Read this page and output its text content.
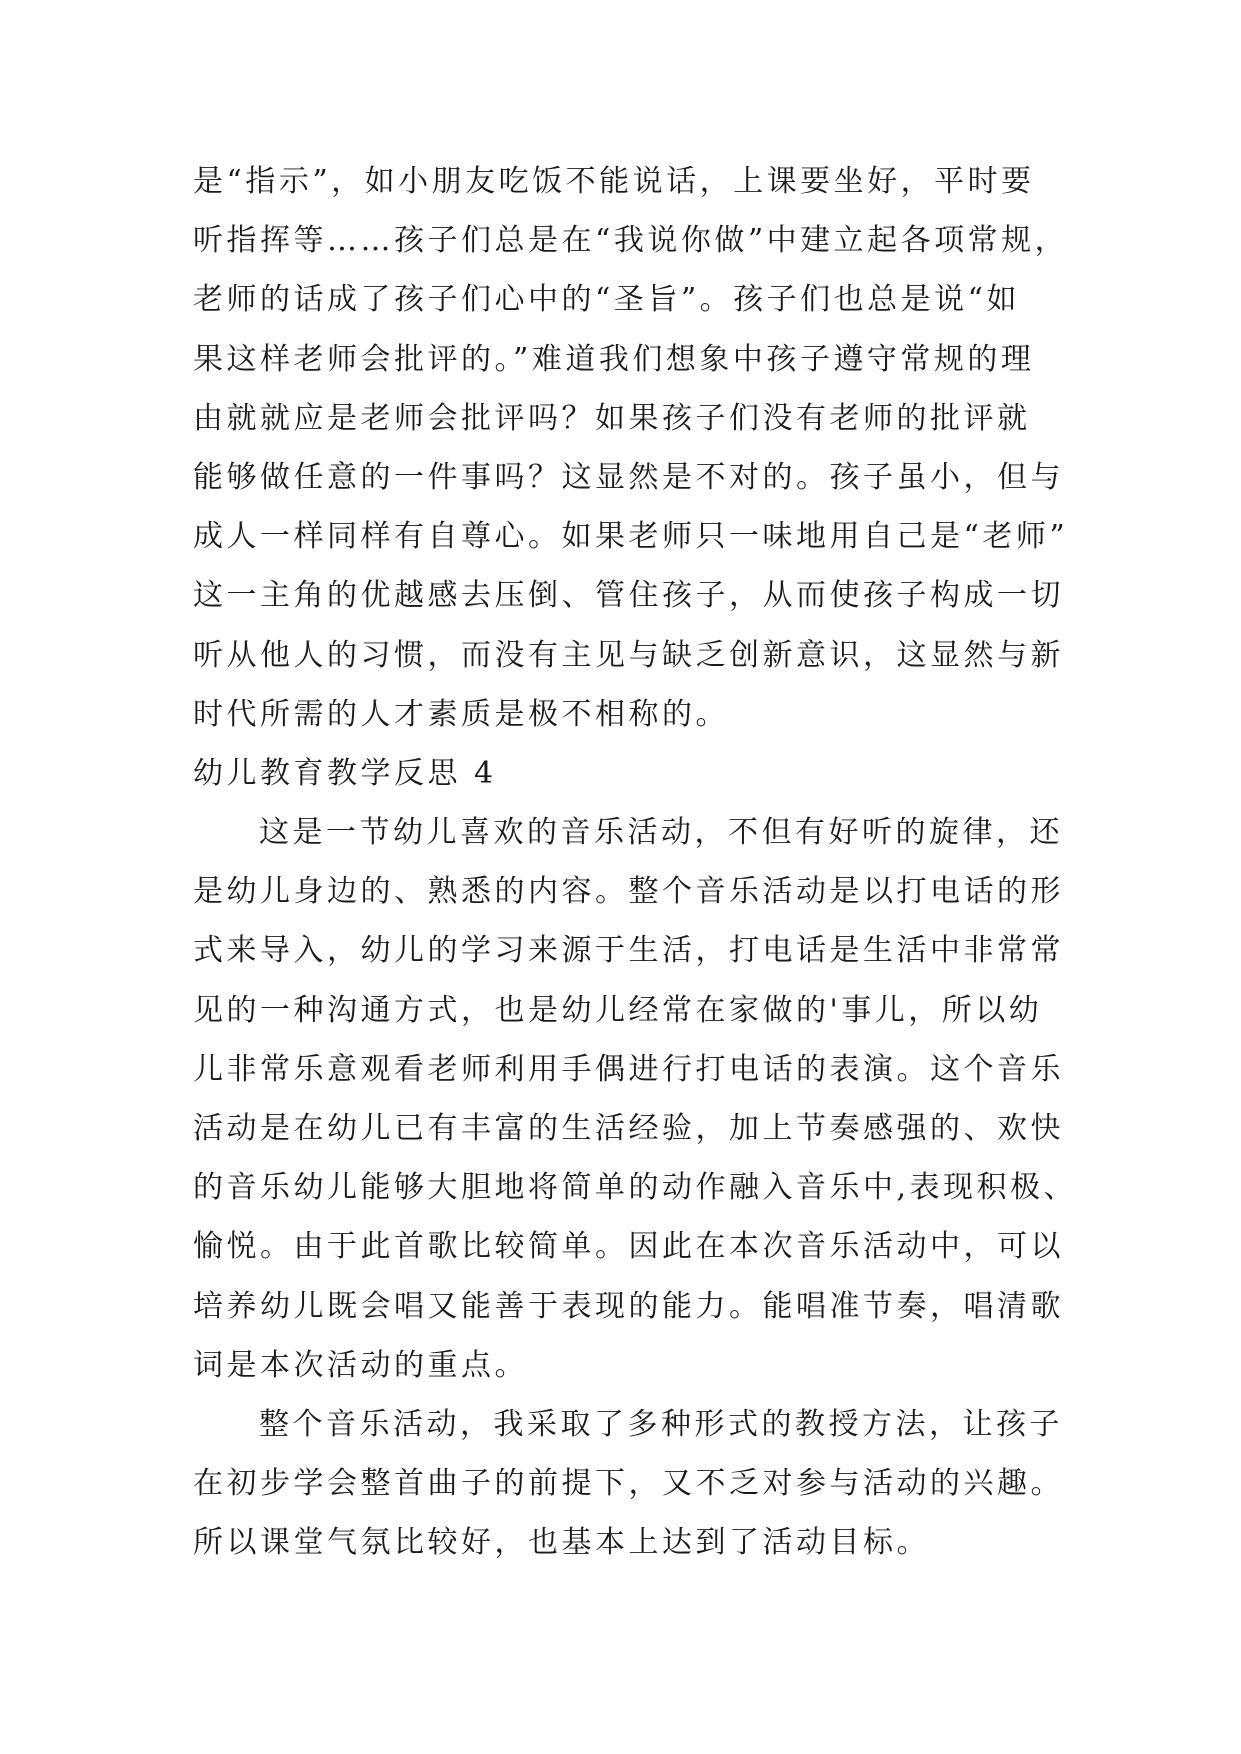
是“指示”，如小朋友吃饭不能说话，上课要坐好，平时要
听指挥等……孩子们总是在“我说你做”中建立起各项常规，
老师的话成了孩子们心中的“圣旨”。孩子们也总是说“如
果这样老师会批评的。”难道我们想象中孩子遵守常规的理
由就就应是老师会批评吗？如果孩子们没有老师的批评就
能够做任意的一件事吗？这显然是不对的。孩子虽小，但与
成人一样同样有自尊心。如果老师只一味地用自己是“老师”
这一主角的优越感去压倒、管住孩子，从而使孩子构成一切
听从他人的习惯，而没有主见与缺乏创新意识，这显然与新
时代所需的人才素质是极不相称的。
幼儿教育教学反思 4
这是一节幼儿喜欢的音乐活动，不但有好听的旋律，还
是幼儿身边的、熟悉的内容。整个音乐活动是以打电话的形
式来导入，幼儿的学习来源于生活，打电话是生活中非常常
见的一种沟通方式，也是幼儿经常在家做的'事儿，所以幼
儿非常乐意观看老师利用手偶进行打电话的表演。这个音乐
活动是在幼儿已有丰富的生活经验，加上节奏感强的、欢快
的音乐幼儿能够大胆地将简单的动作融入音乐中,表现积极、
愉悦。由于此首歌比较简单。因此在本次音乐活动中，可以
培养幼儿既会唱又能善于表现的能力。能唱准节奏，唱清歌
词是本次活动的重点。
整个音乐活动，我采取了多种形式的教授方法，让孩子
在初步学会整首曲子的前提下，又不乏对参与活动的兴趣。
所以课堂气氛比较好，也基本上达到了活动目标。
